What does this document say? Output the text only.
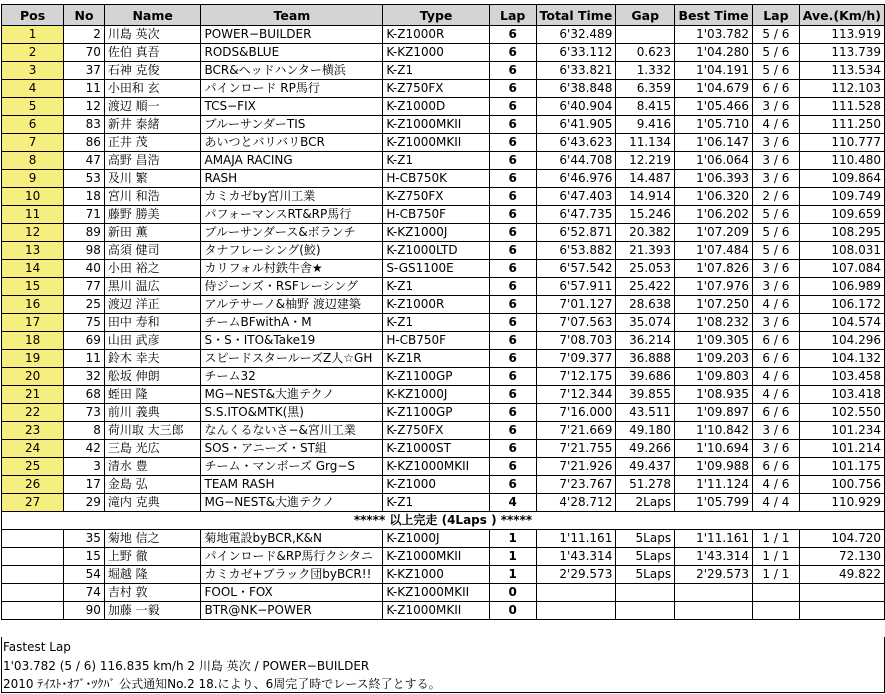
Pos	No	Name	Team	Type	Lap	Total Time	Gap	Best Time	Lap	Ave.(Km/h)
1	2	川島 英次	POWER−BUILDER	K-Z1000R	6	6'32.489		1'03.782	5 / 6	113.919
2	70	佐伯 真吾	RODS&BLUE	K-KZ1000	6	6'33.112	0.623	1'04.280	5 / 6	113.739
3	37	石神 克俊	BCR&ヘッドハンター横浜	K-Z1	6	6'33.821	1.332	1'04.191	5 / 6	113.534
4	11	小田和 玄	パインロード RP馬行	K-Z750FX	6	6'38.848	6.359	1'04.679	6 / 6	112.103
5	12	渡辺 順一	TCS−FIX	K-Z1000D	6	6'40.904	8.415	1'05.466	3 / 6	111.528
6	83	新井 泰緒	ブルーサンダーTIS	K-Z1000MKII	6	6'41.905	9.416	1'05.710	4 / 6	111.250
7	86	正井 茂	あいつとバリバリBCR	K-Z1000MKII	6	6'43.623	11.134	1'06.147	3 / 6	110.777
8	47	高野 昌浩	AMAJA RACING	K-Z1	6	6'44.708	12.219	1'06.064	3 / 6	110.480
9	53	及川 繁	RASH	H-CB750K	6	6'46.976	14.487	1'06.393	3 / 6	109.864
10	18	宮川 和浩	カミカゼby宮川工業	K-Z750FX	6	6'47.403	14.914	1'06.320	2 / 6	109.749
11	71	藤野 勝美	パフォーマンスRT&RP馬行	H-CB750F	6	6'47.735	15.246	1'06.202	5 / 6	109.659
12	89	新田 薫	ブルーサンダース&ボランチ	K-KZ1000J	6	6'52.871	20.382	1'07.209	5 / 6	108.295
13	98	高須 健司	タナフレーシング(鮫)	K-Z1000LTD	6	6'53.882	21.393	1'07.484	5 / 6	108.031
14	40	小田 裕之	カリフォル村鉄牛舎★	S-GS1100E	6	6'57.542	25.053	1'07.826	3 / 6	107.084
15	77	黒川 温広	侍ジーンズ・RSFレーシング	K-Z1	6	6'57.911	25.422	1'07.976	3 / 6	106.989
16	25	渡辺 洋正	アルテサーノ&柚野 渡辺建築	K-Z1000R	6	7'01.127	28.638	1'07.250	4 / 6	106.172
17	75	田中 寿和	チームBFwithA・M	K-Z1	6	7'07.563	35.074	1'08.232	3 / 6	104.574
18	69	山田 武彦	S・S・ITO&Take19	H-CB750F	6	7'08.703	36.214	1'09.305	6 / 6	104.296
19	11	鈴木 幸夫	スピードスタールーズZ人☆GH	K-Z1R	6	7'09.377	36.888	1'09.203	6 / 6	104.132
20	32	舩坂 伸朗	チーム32	K-Z1100GP	6	7'12.175	39.686	1'09.803	4 / 6	103.458
21	68	蛭田 隆	MG−NEST&大進テクノ	K-KZ1000J	6	7'12.344	39.855	1'08.935	4 / 6	103.418
22	73	前川 義典	S.S.ITO&MTK(黒)	K-Z1100GP	6	7'16.000	43.511	1'09.897	6 / 6	102.550
23	8	荷川取 大三郎	なんくるないさ−&宮川工業	K-Z750FX	6	7'21.669	49.180	1'10.842	3 / 6	101.234
24	42	三島 光広	SOS・アニーズ・ST組	K-Z1000ST	6	7'21.755	49.266	1'10.694	3 / 6	101.214
25	3	清水 豊	チーム・マンボーズ Grg−S	K-KZ1000MKII	6	7'21.926	49.437	1'09.988	6 / 6	101.175
26	17	金島 弘	TEAM RASH	K-Z1000	6	7'23.767	51.278	1'11.124	4 / 6	100.756
27	29	滝内 克典	MG−NEST&大進テクノ	K-Z1	4	4'28.712	2Laps	1'05.799	4 / 4	110.929
***** 以上完走 (4Laps ) *****										
	35	菊地 信之	菊地電設byBCR,K&N	K-Z1000J	1	1'11.161	5Laps	1'11.161	1 / 1	104.720
	15	上野 徹	パインロード&RP馬行クシタニ	K-Z1000MKII	1	1'43.314	5Laps	1'43.314	1 / 1	72.130
	54	堀越 隆	カミカゼ+ブラック団byBCR!!	K-KZ1000	1	2'29.573	5Laps	2'29.573	1 / 1	49.822
	74	吉村 敦	FOOL・FOX	K-KZ1000MKII	0					
	90	加藤 一毅	BTR@NK−POWER	K-Z1000MKII	0					
Fastest Lap
1'03.782 (5 / 6) 116.835 km/h 2 川島 英次 / POWER−BUILDER
2010 ﾃｲｽﾄ･ｵﾌﾞ･ﾂｸﾊﾞ 公式通知No.2 18.により、6周完了時でレース終了とする。
